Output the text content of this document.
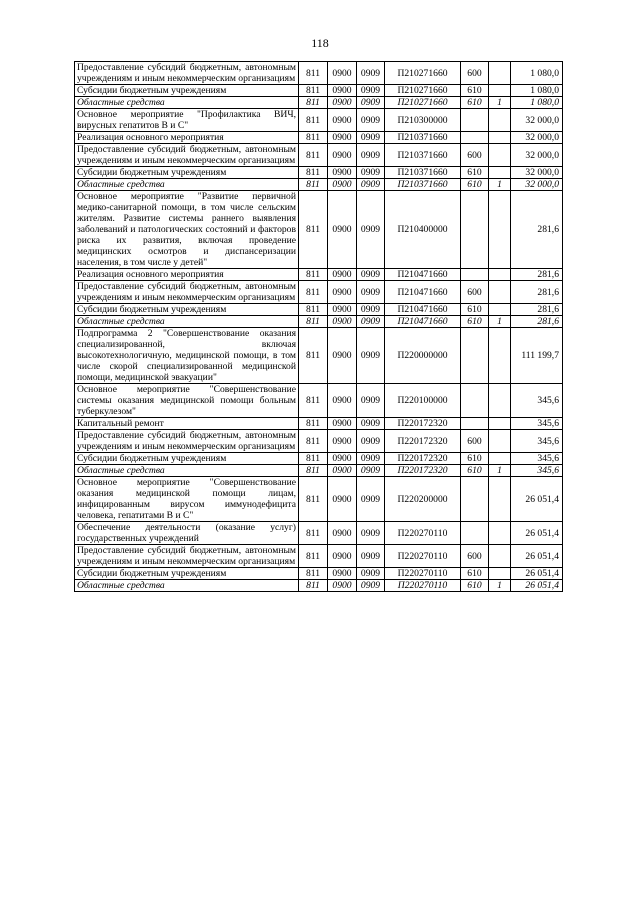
118
Предоставление субсидий бюджетным, автономным учреждениям и иным некоммерческим организациям	811	0900	0909	П210271660	600		1 080,0
Субсидии бюджетным учреждениям	811	0900	0909	П210271660	610		1 080,0
Областные средства	811	0900	0909	П210271660	610	1	1 080,0
Основное мероприятие "Профилактика ВИЧ, вирусных гепатитов В и С"	811	0900	0909	П210300000			32 000,0
Реализация основного мероприятия	811	0900	0909	П210371660			32 000,0
Предоставление субсидий бюджетным, автономным учреждениям и иным некоммерческим организациям	811	0900	0909	П210371660	600		32 000,0
Субсидии бюджетным учреждениям	811	0900	0909	П210371660	610		32 000,0
Областные средства	811	0900	0909	П210371660	610	1	32 000,0
Основное мероприятие "Развитие первичной медико-санитарной помощи, в том числе сельским жителям. Развитие системы раннего выявления заболеваний и патологических состояний и факторов риска их развития, включая проведение медицинских осмотров и диспансеризации населения, в том числе у детей"	811	0900	0909	П210400000			281,6
Реализация основного мероприятия	811	0900	0909	П210471660			281,6
Предоставление субсидий бюджетным, автономным учреждениям и иным некоммерческим организациям	811	0900	0909	П210471660	600		281,6
Субсидии бюджетным учреждениям	811	0900	0909	П210471660	610		281,6
Областные средства	811	0900	0909	П210471660	610	1	281,6
Подпрограмма 2 "Совершенствование оказания специализированной, включая высокотехнологичную, медицинской помощи, в том числе скорой специализированной медицинской помощи, медицинской эвакуации"	811	0900	0909	П220000000			111 199,7
Основное мероприятие "Совершенствование системы оказания медицинской помощи больным туберкулезом"	811	0900	0909	П220100000			345,6
Капитальный ремонт	811	0900	0909	П220172320			345,6
Предоставление субсидий бюджетным, автономным учреждениям и иным некоммерческим организациям	811	0900	0909	П220172320	600		345,6
Субсидии бюджетным учреждениям	811	0900	0909	П220172320	610		345,6
Областные средства	811	0900	0909	П220172320	610	1	345,6
Основное мероприятие "Совершенствование оказания медицинской помощи лицам, инфицированным вирусом иммунодефицита человека, гепатитами В и С"	811	0900	0909	П220200000			26 051,4
Обеспечение деятельности (оказание услуг) государственных учреждений	811	0900	0909	П220270110			26 051,4
Предоставление субсидий бюджетным, автономным учреждениям и иным некоммерческим организациям	811	0900	0909	П220270110	600		26 051,4
Субсидии бюджетным учреждениям	811	0900	0909	П220270110	610		26 051,4
Областные средства	811	0900	0909	П220270110	610	1	26 051,4
